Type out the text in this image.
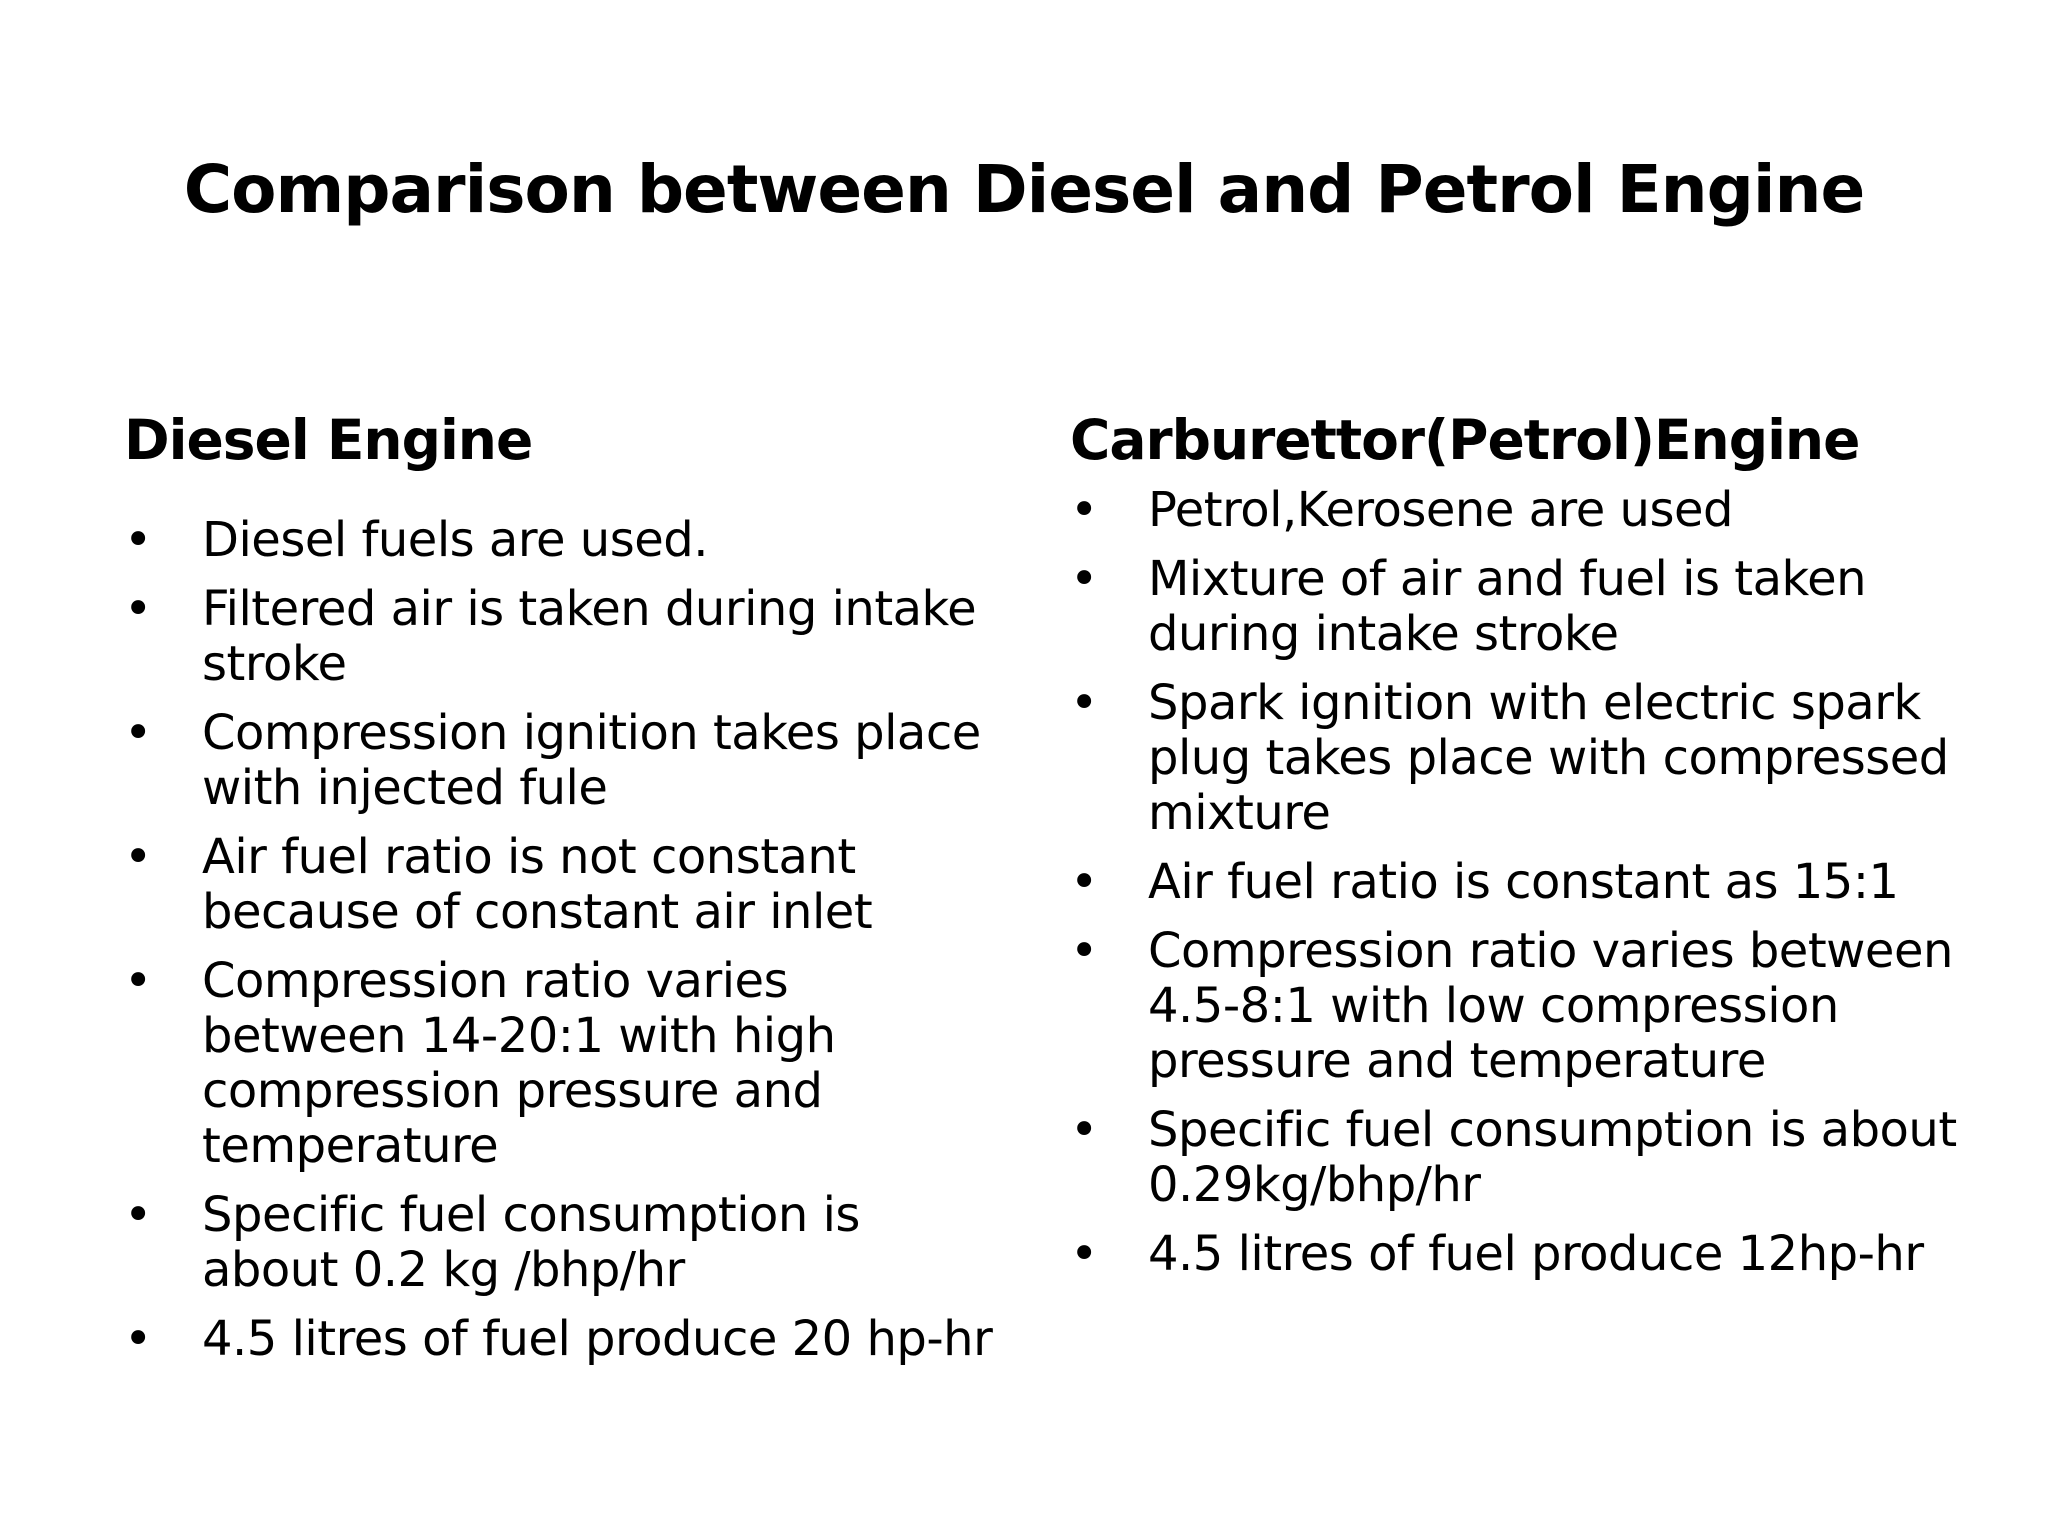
Comparison between Diesel and Petrol Engine
Diesel Engine
• Diesel fuels are used.
• Filtered air is taken during intake stroke
• Compression ignition takes place with injected fule
• Air fuel ratio is not constant because of constant air inlet
• Compression ratio varies between 14-20:1 with high compression pressure and temperature
• Specific fuel consumption is about 0.2 kg /bhp/hr
• 4.5 litres of fuel produce 20 hp-hr
Carburettor(Petrol)Engine
• Petrol,Kerosene are used
• Mixture of air and fuel is taken during intake stroke
• Spark ignition with electric spark plug takes place with compressed mixture
• Air fuel ratio is constant as 15:1
• Compression ratio varies between 4.5-8:1 with low compression pressure and temperature
• Specific fuel consumption is about 0.29kg/bhp/hr
• 4.5 litres of fuel produce 12hp-hr
